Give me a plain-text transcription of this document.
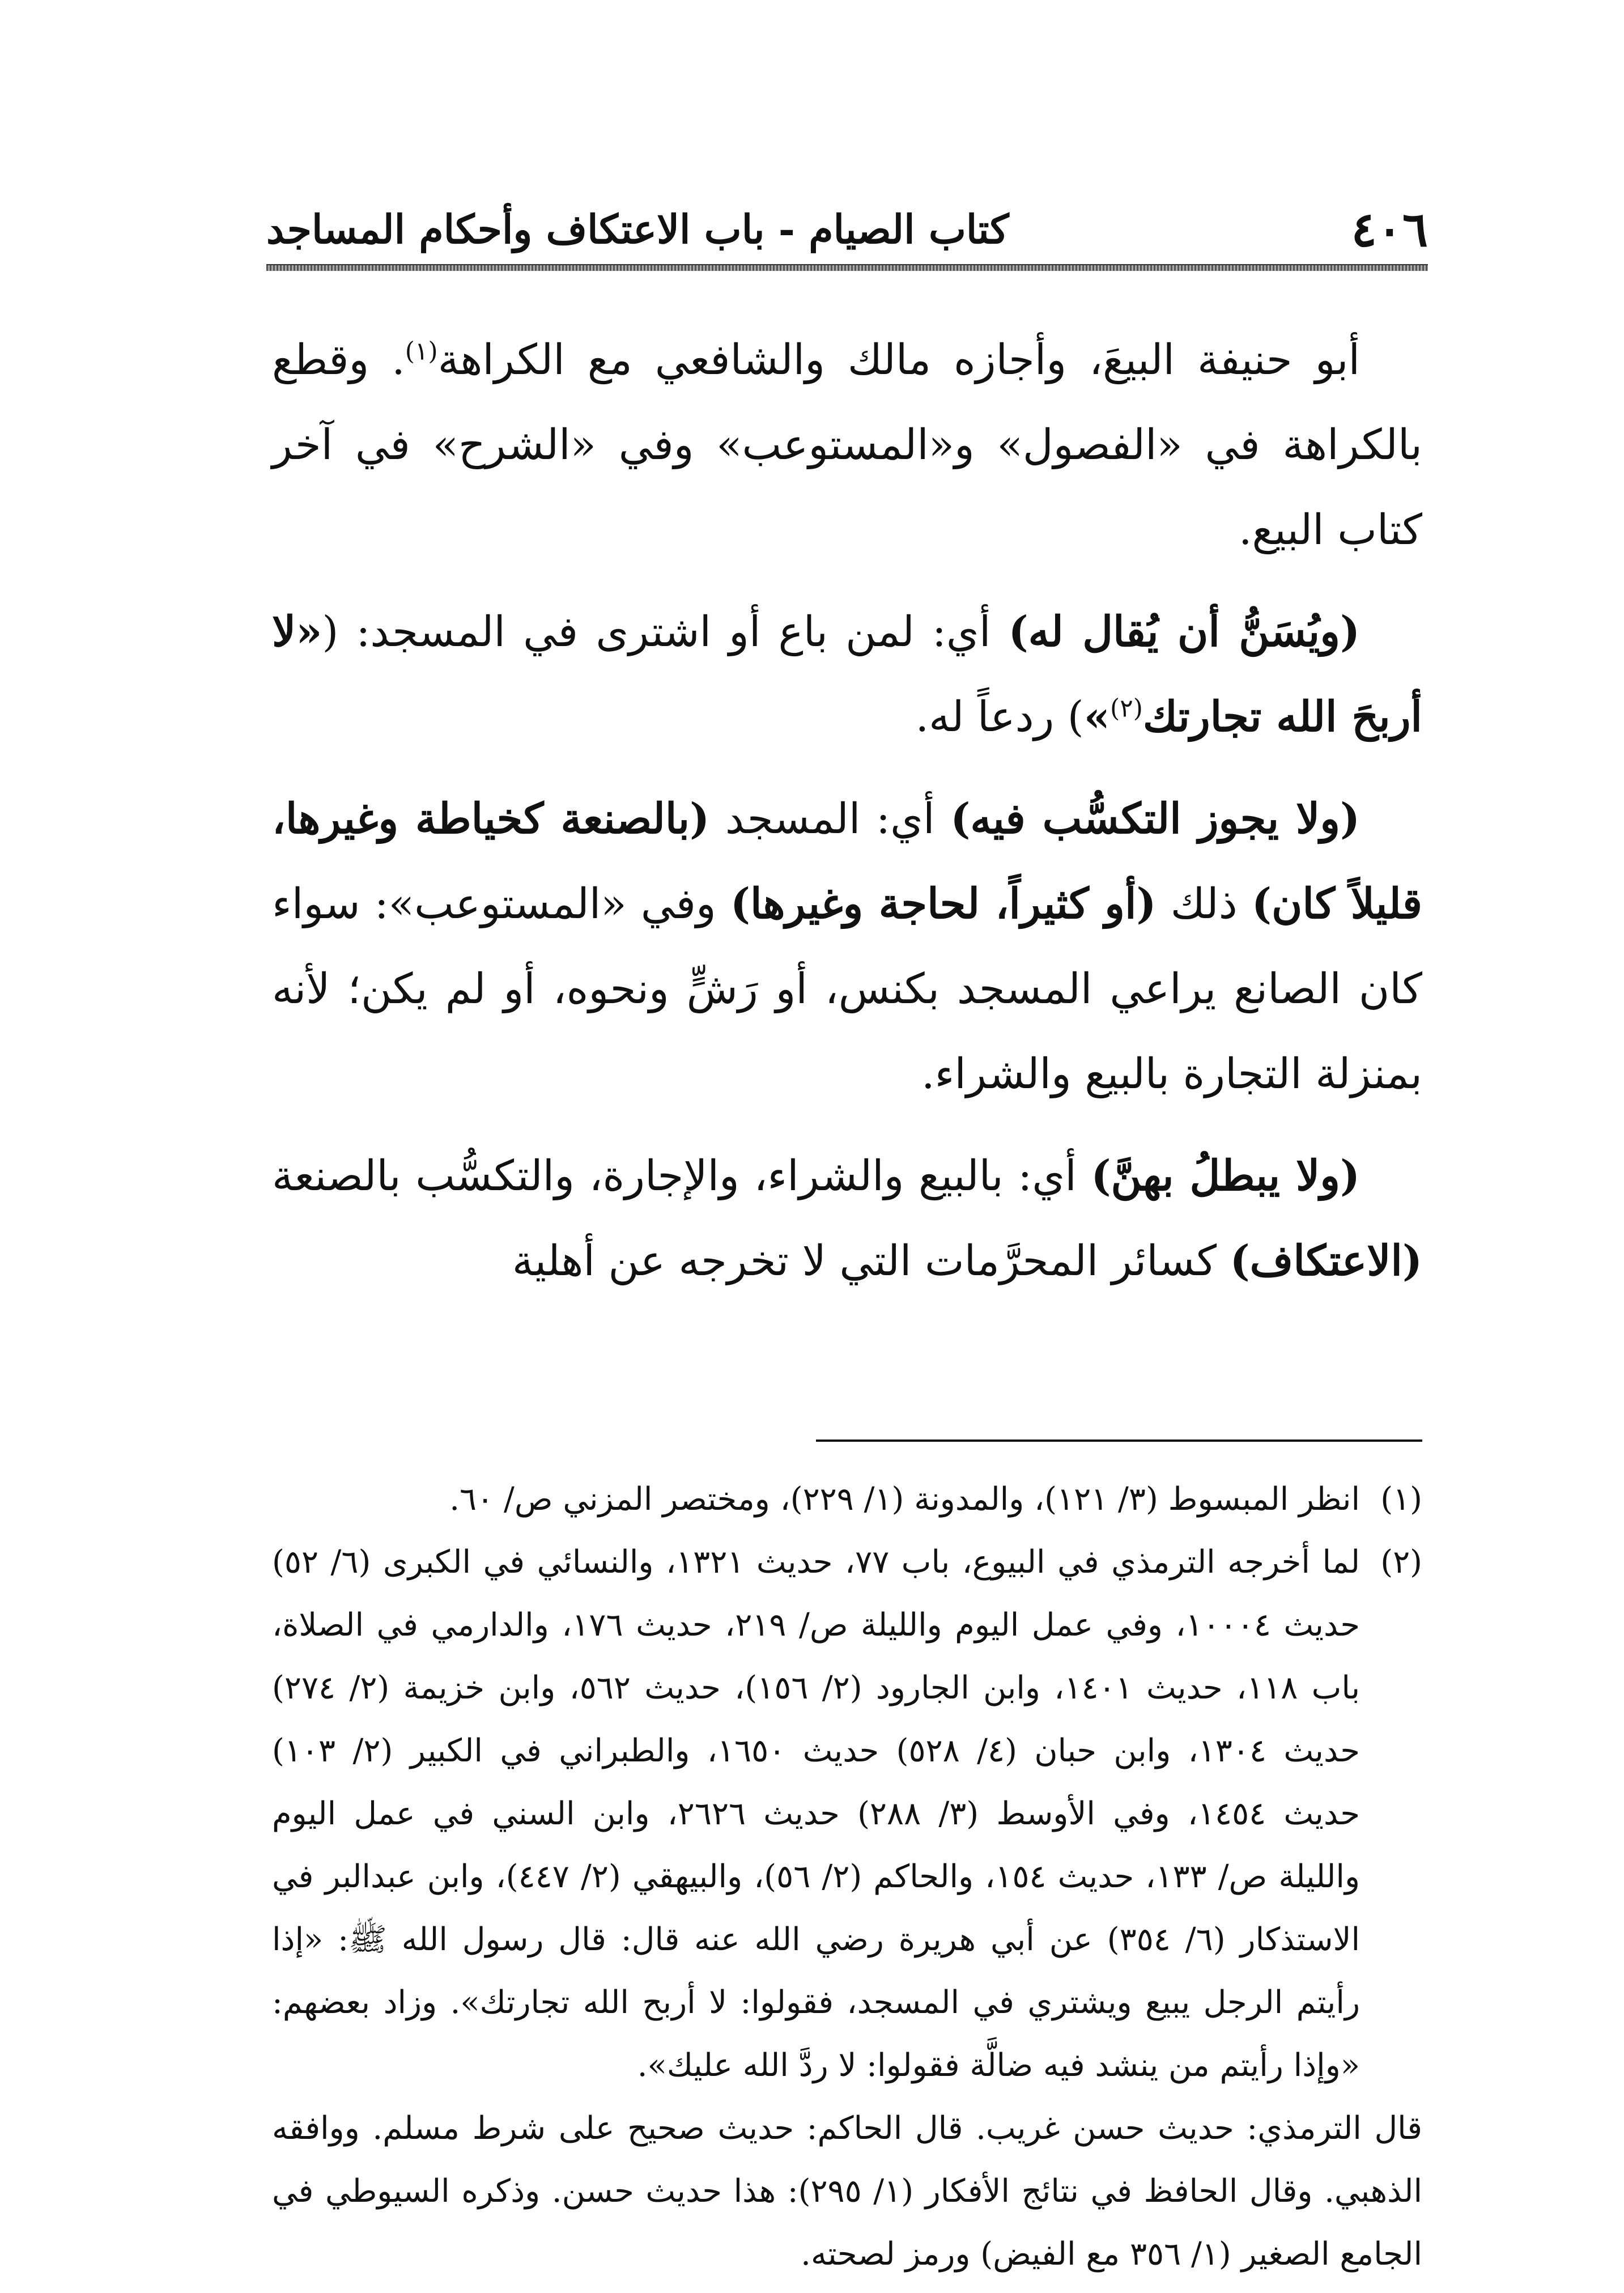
٤٠٦
كتاب الصيام - باب الاعتكاف وأحكام المساجد

أبو حنيفة البيعَ، وأجازه مالك والشافعي مع الكراهة$^{(١)}$. وقطع بالكراهة في «الفصول» و«المستوعب» وفي «الشرح» في آخر كتاب البيع.

(ويُسَنُّ أن يُقال له) أي: لمن باع أو اشترى في المسجد: («لا أربحَ الله تجارتك$^{(٢)}$») ردعاً له.

(ولا يجوز التكسُّب فيه) أي: المسجد (بالصنعة كخياطة وغيرها، قليلاً كان) ذلك (أو كثيراً، لحاجة وغيرها) وفي «المستوعب»: سواء كان الصانع يراعي المسجد بكنس، أو رَشٍّ ونحوه، أو لم يكن؛ لأنه بمنزلة التجارة بالبيع والشراء.

(ولا يبطلُ بهنَّ) أي: بالبيع والشراء، والإجارة، والتكسُّب بالصنعة (الاعتكاف) كسائر المحرَّمات التي لا تخرجه عن أهلية

(١)
انظر المبسوط (٣/ ١٢١)، والمدونة (١/ ٢٢٩)، ومختصر المزني ص/ ٦٠.

(٢)
لما أخرجه الترمذي في البيوع، باب ٧٧، حديث ١٣٢١، والنسائي في الكبرى (٦/ ٥٢) حديث ١٠٠٠٤، وفي عمل اليوم والليلة ص/ ٢١٩، حديث ١٧٦، والدارمي في الصلاة، باب ١١٨، حديث ١٤٠١، وابن الجارود (٢/ ١٥٦)، حديث ٥٦٢، وابن خزيمة (٢/ ٢٧٤) حديث ١٣٠٤، وابن حبان (٤/ ٥٢٨) حديث ١٦٥٠، والطبراني في الكبير (٢/ ١٠٣) حديث ١٤٥٤، وفي الأوسط (٣/ ٢٨٨) حديث ٢٦٢٦، وابن السني في عمل اليوم والليلة ص/ ١٣٣، حديث ١٥٤، والحاكم (٢/ ٥٦)، والبيهقي (٢/ ٤٤٧)، وابن عبدالبر في الاستذكار (٦/ ٣٥٤) عن أبي هريرة رضي الله عنه قال: قال رسول الله ﷺ: «إذا رأيتم الرجل يبيع ويشتري في المسجد، فقولوا: لا أربح الله تجارتك». وزاد بعضهم: «وإذا رأيتم من ينشد فيه ضالَّة فقولوا: لا ردَّ الله عليك».

قال الترمذي: حديث حسن غريب. قال الحاكم: حديث صحيح على شرط مسلم. ووافقه الذهبي. وقال الحافظ في نتائج الأفكار (١/ ٢٩٥): هذا حديث حسن. وذكره السيوطي في الجامع الصغير (١/ ٣٥٦ مع الفيض) ورمز لصحته.
